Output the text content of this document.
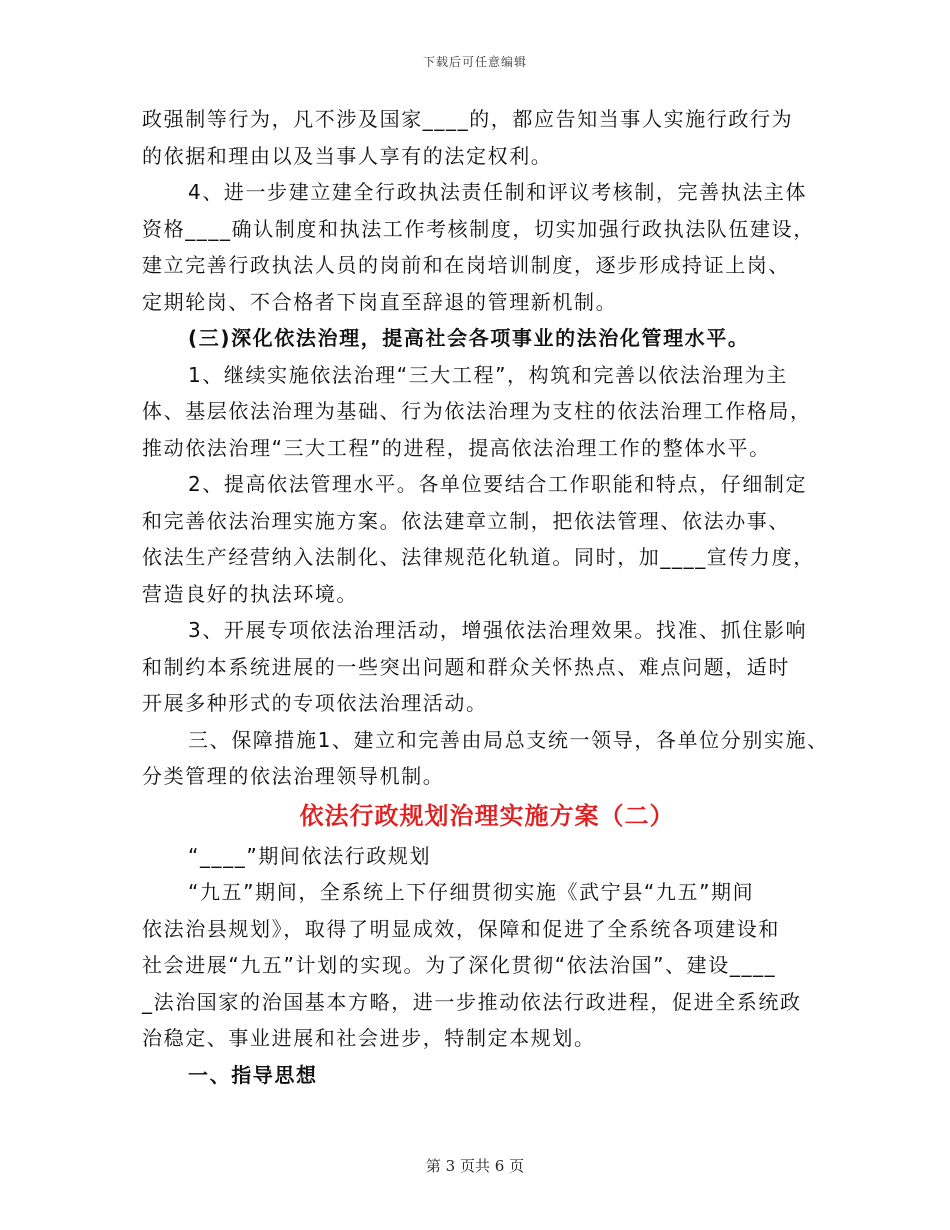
下载后可任意编辑
政强制等行为，凡不涉及国家____的，都应告知当事人实施行政行为
的依据和理由以及当事人享有的法定权利。
4、进一步建立建全行政执法责任制和评议考核制，完善执法主体
资格____确认制度和执法工作考核制度，切实加强行政执法队伍建设，
建立完善行政执法人员的岗前和在岗培训制度，逐步形成持证上岗、
定期轮岗、不合格者下岗直至辞退的管理新机制。
(三)深化依法治理，提高社会各项事业的法治化管理水平。
1、继续实施依法治理“三大工程”，构筑和完善以依法治理为主
体、基层依法治理为基础、行为依法治理为支柱的依法治理工作格局，
推动依法治理“三大工程”的进程，提高依法治理工作的整体水平。
2、提高依法管理水平。各单位要结合工作职能和特点，仔细制定
和完善依法治理实施方案。依法建章立制，把依法管理、依法办事、
依法生产经营纳入法制化、法律规范化轨道。同时，加____宣传力度，
营造良好的执法环境。
3、开展专项依法治理活动，增强依法治理效果。找准、抓住影响
和制约本系统进展的一些突出问题和群众关怀热点、难点问题，适时
开展多种形式的专项依法治理活动。
三、保障措施1、建立和完善由局总支统一领导，各单位分别实施、
分类管理的依法治理领导机制。
依法行政规划治理实施方案（二）
“____”期间依法行政规划
“九五”期间，全系统上下仔细贯彻实施《武宁县“九五”期间
依法治县规划》，取得了明显成效，保障和促进了全系统各项建设和
社会进展“九五”计划的实现。为了深化贯彻“依法治国”、建设____
_法治国家的治国基本方略，进一步推动依法行政进程，促进全系统政
治稳定、事业进展和社会进步，特制定本规划。
一、指导思想
第 3 页共 6 页
